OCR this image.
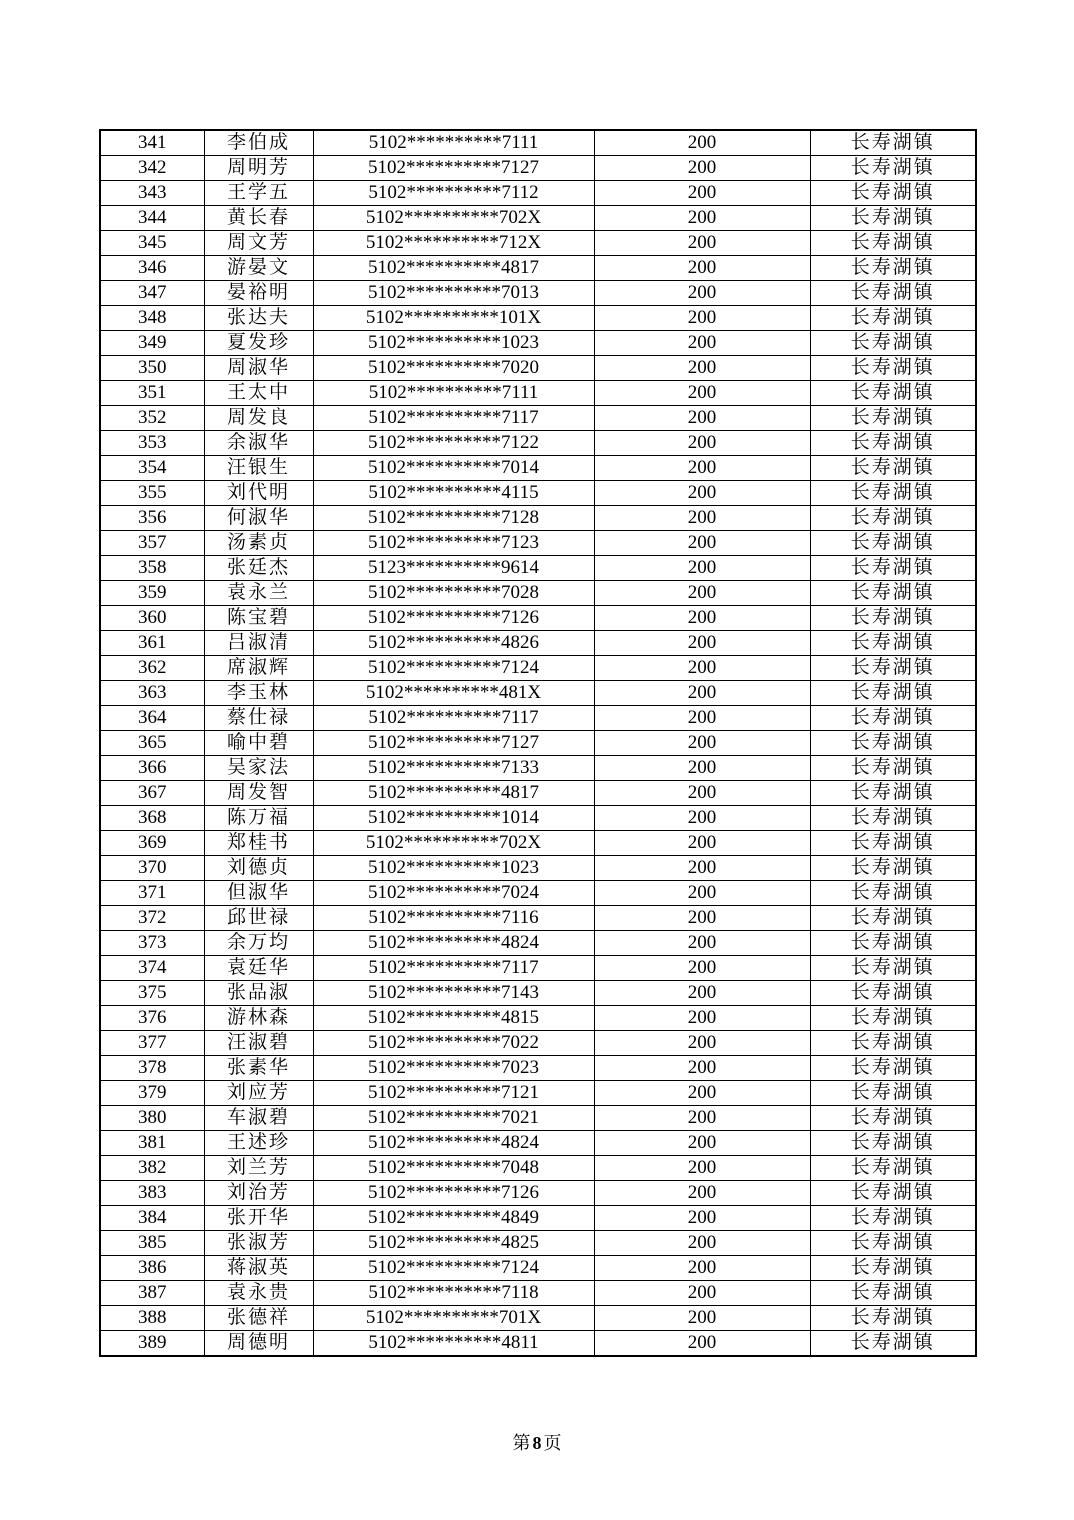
341	李伯成	5102**********7111	200	长寿湖镇
342	周明芳	5102**********7127	200	长寿湖镇
343	王学五	5102**********7112	200	长寿湖镇
344	黄长春	5102**********702X	200	长寿湖镇
345	周文芳	5102**********712X	200	长寿湖镇
346	游晏文	5102**********4817	200	长寿湖镇
347	晏裕明	5102**********7013	200	长寿湖镇
348	张达夫	5102**********101X	200	长寿湖镇
349	夏发珍	5102**********1023	200	长寿湖镇
350	周淑华	5102**********7020	200	长寿湖镇
351	王太中	5102**********7111	200	长寿湖镇
352	周发良	5102**********7117	200	长寿湖镇
353	余淑华	5102**********7122	200	长寿湖镇
354	汪银生	5102**********7014	200	长寿湖镇
355	刘代明	5102**********4115	200	长寿湖镇
356	何淑华	5102**********7128	200	长寿湖镇
357	汤素贞	5102**********7123	200	长寿湖镇
358	张廷杰	5123**********9614	200	长寿湖镇
359	袁永兰	5102**********7028	200	长寿湖镇
360	陈宝碧	5102**********7126	200	长寿湖镇
361	吕淑清	5102**********4826	200	长寿湖镇
362	席淑辉	5102**********7124	200	长寿湖镇
363	李玉林	5102**********481X	200	长寿湖镇
364	蔡仕禄	5102**********7117	200	长寿湖镇
365	喻中碧	5102**********7127	200	长寿湖镇
366	吴家法	5102**********7133	200	长寿湖镇
367	周发智	5102**********4817	200	长寿湖镇
368	陈万福	5102**********1014	200	长寿湖镇
369	郑桂书	5102**********702X	200	长寿湖镇
370	刘德贞	5102**********1023	200	长寿湖镇
371	但淑华	5102**********7024	200	长寿湖镇
372	邱世禄	5102**********7116	200	长寿湖镇
373	余万均	5102**********4824	200	长寿湖镇
374	袁廷华	5102**********7117	200	长寿湖镇
375	张品淑	5102**********7143	200	长寿湖镇
376	游林森	5102**********4815	200	长寿湖镇
377	汪淑碧	5102**********7022	200	长寿湖镇
378	张素华	5102**********7023	200	长寿湖镇
379	刘应芳	5102**********7121	200	长寿湖镇
380	车淑碧	5102**********7021	200	长寿湖镇
381	王述珍	5102**********4824	200	长寿湖镇
382	刘兰芳	5102**********7048	200	长寿湖镇
383	刘治芳	5102**********7126	200	长寿湖镇
384	张开华	5102**********4849	200	长寿湖镇
385	张淑芳	5102**********4825	200	长寿湖镇
386	蒋淑英	5102**********7124	200	长寿湖镇
387	袁永贵	5102**********7118	200	长寿湖镇
388	张德祥	5102**********701X	200	长寿湖镇
389	周德明	5102**********4811	200	长寿湖镇
第 8 页
